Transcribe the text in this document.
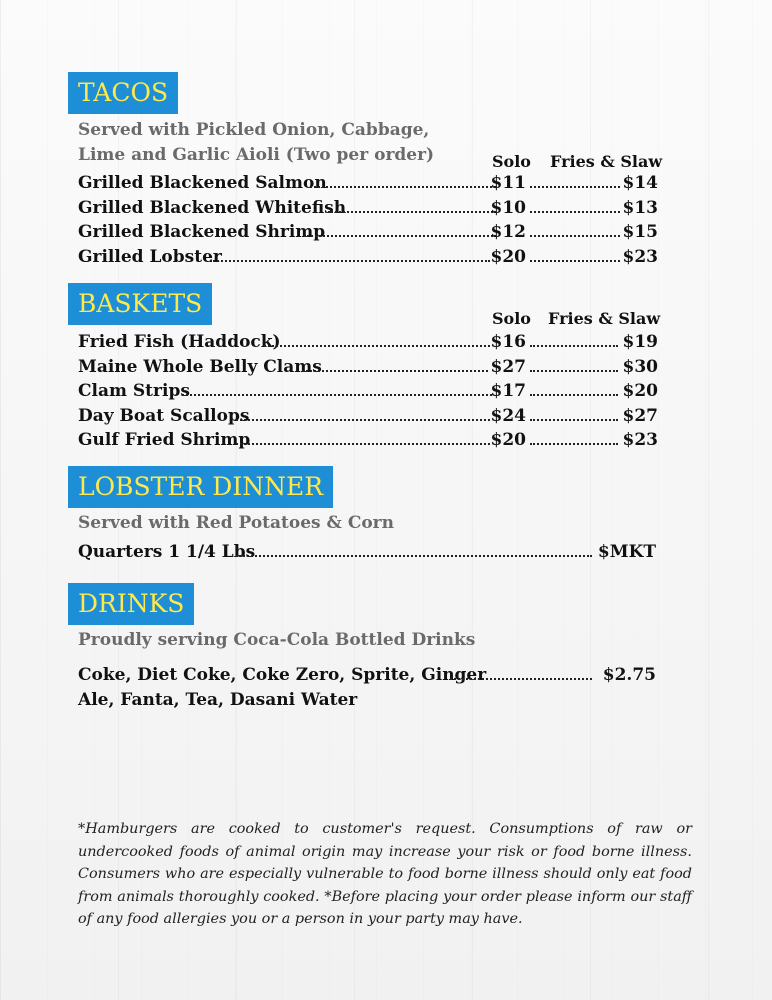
TACOS
Served with Pickled Onion, Cabbage,
Lime and Garlic Aioli (Two per order)	Solo Fries & Slaw
Grilled Blackened Salmon	$11	$14
Grilled Blackened Whitefish	$10	$13
Grilled Blackened Shrimp	$12	$15
Grilled Lobster	$20	$23
BASKETS
Solo Fries & Slaw
Fried Fish (Haddock)	$16	$19
Maine Whole Belly Clams	$27	$30
Clam Strips	$17	$20
Day Boat Scallops	$24	$27
Gulf Fried Shrimp	$20	$23
LOBSTER DINNER
Served with Red Potatoes & Corn
Quarters 1 1/4 Lbs	$MKT
DRINKS
Proudly serving Coca-Cola Bottled Drinks
Coke, Diet Coke, Coke Zero, Sprite, Ginger	$2.75
Ale, Fanta, Tea, Dasani Water
*Hamburgers are cooked to customer's request. Consumptions of raw or undercooked foods of animal origin may increase your risk or food borne illness. Consumers who are especially vulnerable to food borne illness should only eat food from animals thoroughly cooked. *Before placing your order please inform our staff of any food allergies you or a person in your party may have.
